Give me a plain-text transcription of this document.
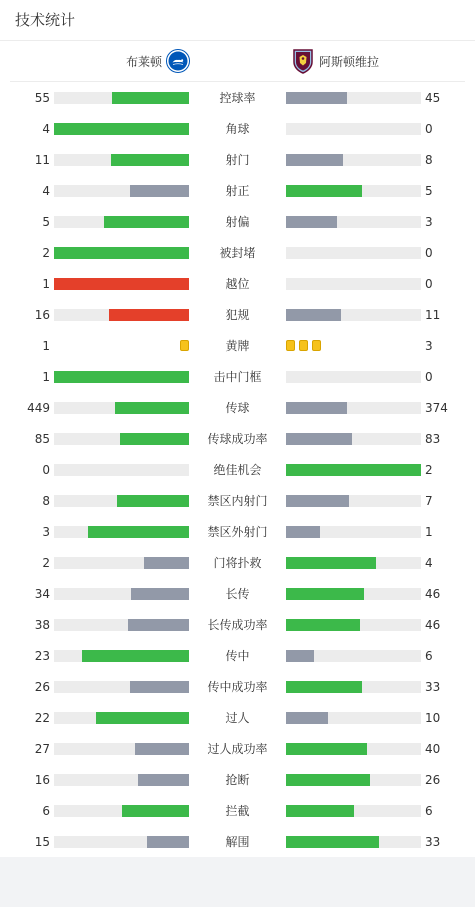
技术统计
布莱顿	阿斯顿维拉
55	控球率	45
4	角球	0
11	射门	8
4	射正	5
5	射偏	3
2	被封堵	0
1	越位	0
16	犯规	11
1	黄牌	3
1	击中门框	0
449	传球	374
85	传球成功率	83
0	绝佳机会	2
8	禁区内射门	7
3	禁区外射门	1
2	门将扑救	4
34	长传	46
38	长传成功率	46
23	传中	6
26	传中成功率	33
22	过人	10
27	过人成功率	40
16	抢断	26
6	拦截	6
15	解围	33
